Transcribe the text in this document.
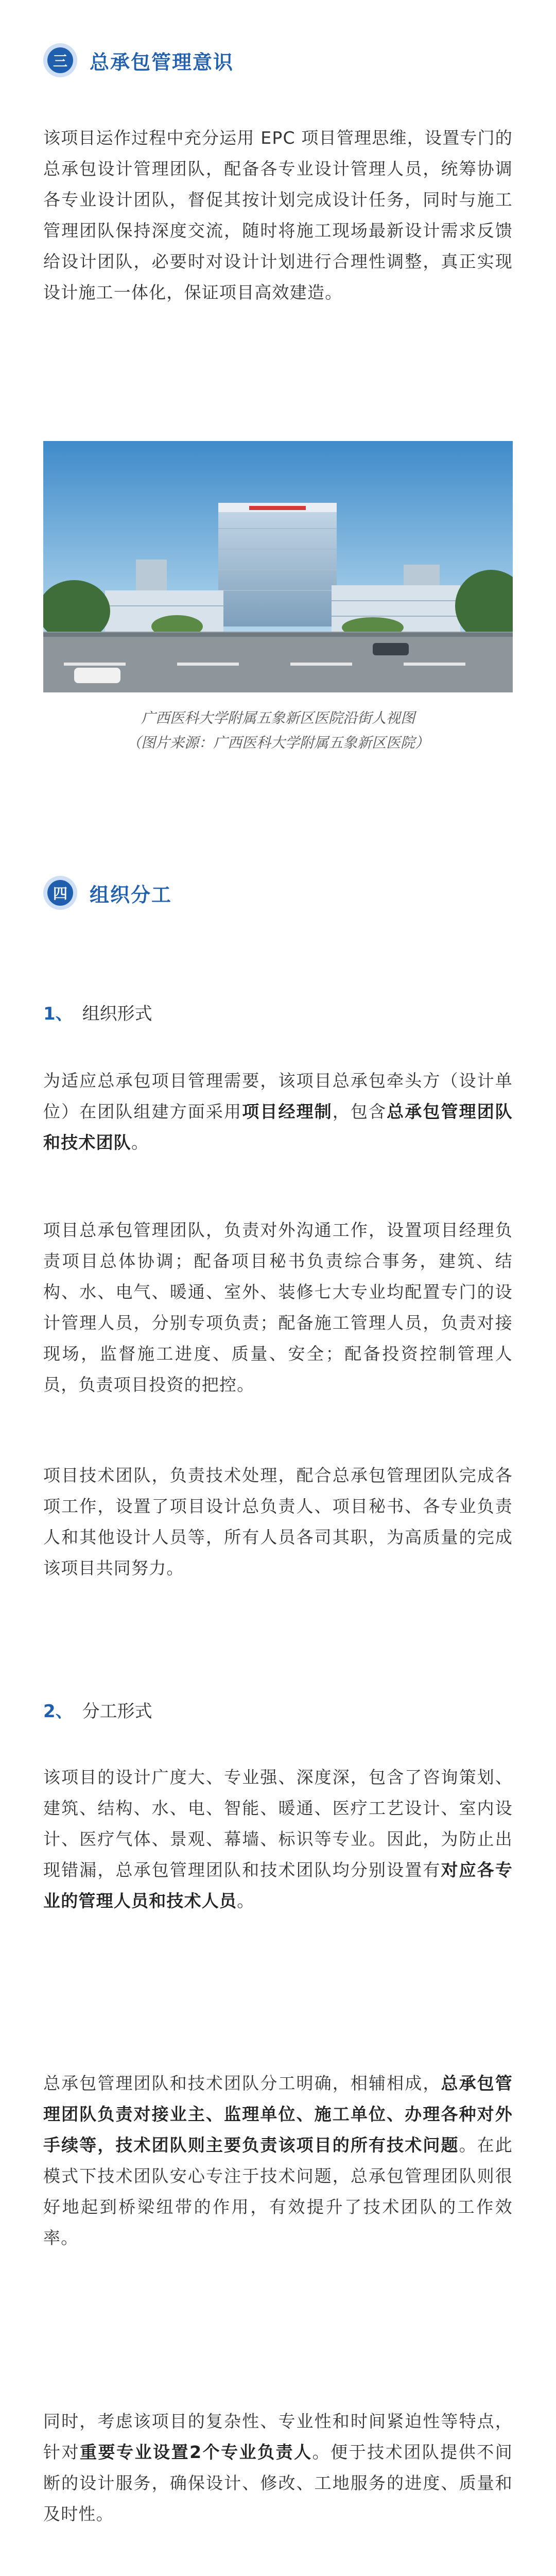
三 总承包管理意识

该项目运作过程中充分运用 EPC 项目管理思维，设置专门的总承包设计管理团队，配备各专业设计管理人员，统筹协调各专业设计团队，督促其按计划完成设计任务，同时与施工管理团队保持深度交流，随时将施工现场最新设计需求反馈给设计团队，必要时对设计计划进行合理性调整，真正实现设计施工一体化，保证项目高效建造。

广西医科大学附属五象新区医院沿街人视图
（图片来源：广西医科大学附属五象新区医院）
四 组织分工
1、 组织形式

为适应总承包项目管理需要，该项目总承包牵头方（设计单位）在团队组建方面采用项目经理制，包含总承包管理团队和技术团队。

项目总承包管理团队，负责对外沟通工作，设置项目经理负责项目总体协调；配备项目秘书负责综合事务，建筑、结构、水、电气、暖通、室外、装修七大专业均配置专门的设计管理人员，分别专项负责；配备施工管理人员，负责对接现场，监督施工进度、质量、安全；配备投资控制管理人员，负责项目投资的把控。

项目技术团队，负责技术处理，配合总承包管理团队完成各项工作，设置了项目设计总负责人、项目秘书、各专业负责人和其他设计人员等，所有人员各司其职，为高质量的完成该项目共同努力。

2、 分工形式

该项目的设计广度大、专业强、深度深，包含了咨询策划、建筑、结构、水、电、智能、暖通、医疗工艺设计、室内设计、医疗气体、景观、幕墙、标识等专业。因此，为防止出现错漏，总承包管理团队和技术团队均分别设置有对应各专业的管理人员和技术人员。

总承包管理团队和技术团队分工明确，相辅相成，总承包管理团队负责对接业主、监理单位、施工单位、办理各种对外手续等，技术团队则主要负责该项目的所有技术问题。在此模式下技术团队安心专注于技术问题，总承包管理团队则很好地起到桥梁纽带的作用，有效提升了技术团队的工作效率。

同时，考虑该项目的复杂性、专业性和时间紧迫性等特点，针对重要专业设置2个专业负责人。便于技术团队提供不间断的设计服务，确保设计、修改、工地服务的进度、质量和及时性。
